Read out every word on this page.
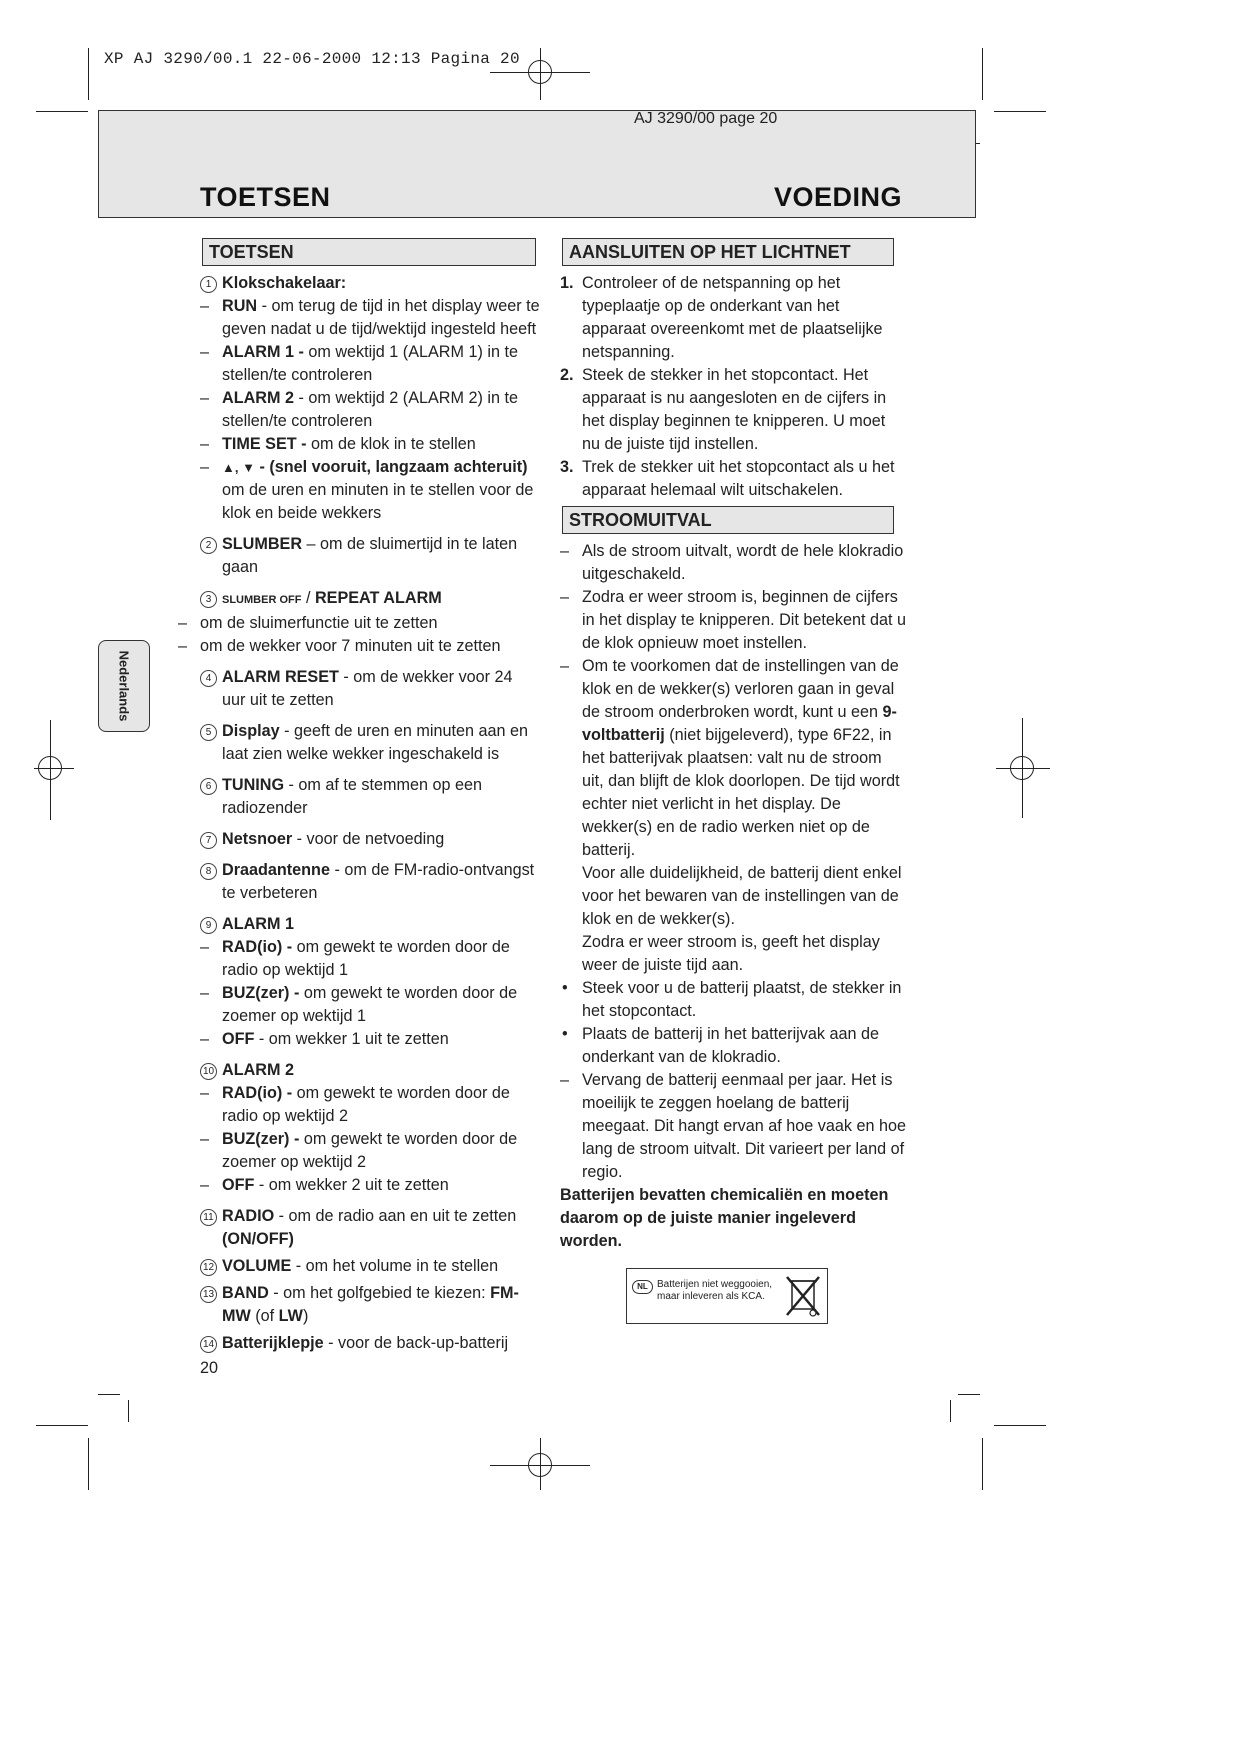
XP AJ 3290/00.1 22-06-2000 12:13 Pagina 20
AJ 3290/00 page 20
TOETSEN	VOEDING
Nederlands
TOETSEN
1 Klokschakelaar:
– RUN - om terug de tijd in het display weer te geven nadat u de tijd/wektijd ingesteld heeft
– ALARM 1 - om wektijd 1 (ALARM 1) in te stellen/te controleren
– ALARM 2 - om wektijd 2 (ALARM 2) in te stellen/te controleren
– TIME SET - om de klok in te stellen
– ▲, ▼ - (snel vooruit, langzaam achteruit) om de uren en minuten in te stellen voor de klok en beide wekkers
2 SLUMBER – om de sluimertijd in te laten gaan
3 SLUMBER OFF / REPEAT ALARM
– om de sluimerfunctie uit te zetten
– om de wekker voor 7 minuten uit te zetten
4 ALARM RESET - om de wekker voor 24 uur uit te zetten
5 Display - geeft de uren en minuten aan en laat zien welke wekker ingeschakeld is
6 TUNING - om af te stemmen op een radiozender
7 Netsnoer - voor de netvoeding
8 Draadantenne - om de FM-radio-ontvangst te verbeteren
9 ALARM 1
– RAD(io) - om gewekt te worden door de radio op wektijd 1
– BUZ(zer) - om gewekt te worden door de zoemer op wektijd 1
– OFF - om wekker 1 uit te zetten
10 ALARM 2
– RAD(io) - om gewekt te worden door de radio op wektijd 2
– BUZ(zer) - om gewekt te worden door de zoemer op wektijd 2
– OFF - om wekker 2 uit te zetten
11 RADIO - om de radio aan en uit te zetten (ON/OFF)
12 VOLUME - om het volume in te stellen
13 BAND - om het golfgebied te kiezen: FM-MW (of LW)
14 Batterijklepje - voor de back-up-batterij
20
AANSLUITEN OP HET LICHTNET
1. Controleer of de netspanning op het typeplaatje op de onderkant van het apparaat overeenkomt met de plaatselijke netspanning.
2. Steek de stekker in het stopcontact. Het apparaat is nu aangesloten en de cijfers in het display beginnen te knipperen. U moet nu de juiste tijd instellen.
3. Trek de stekker uit het stopcontact als u het apparaat helemaal wilt uitschakelen.
STROOMUITVAL
– Als de stroom uitvalt, wordt de hele klokradio uitgeschakeld.
– Zodra er weer stroom is, beginnen de cijfers in het display te knipperen. Dit betekent dat u de klok opnieuw moet instellen.
– Om te voorkomen dat de instellingen van de klok en de wekker(s) verloren gaan in geval de stroom onderbroken wordt, kunt u een 9-voltbatterij (niet bijgeleverd), type 6F22, in het batterijvak plaatsen: valt nu de stroom uit, dan blijft de klok doorlopen. De tijd wordt echter niet verlicht in het display. De wekker(s) en de radio werken niet op de batterij.
Voor alle duidelijkheid, de batterij dient enkel voor het bewaren van de instellingen van de klok en de wekker(s).
Zodra er weer stroom is, geeft het display weer de juiste tijd aan.
• Steek voor u de batterij plaatst, de stekker in het stopcontact.
• Plaats de batterij in het batterijvak aan de onderkant van de klokradio.
– Vervang de batterij eenmaal per jaar. Het is moeilijk te zeggen hoelang de batterij meegaat. Dit hangt ervan af hoe vaak en hoe lang de stroom uitvalt. Dit varieert per land of regio.
Batterijen bevatten chemicaliën en moeten daarom op de juiste manier ingeleverd worden.
NL Batterijen niet weggooien,
maar inleveren als KCA.
